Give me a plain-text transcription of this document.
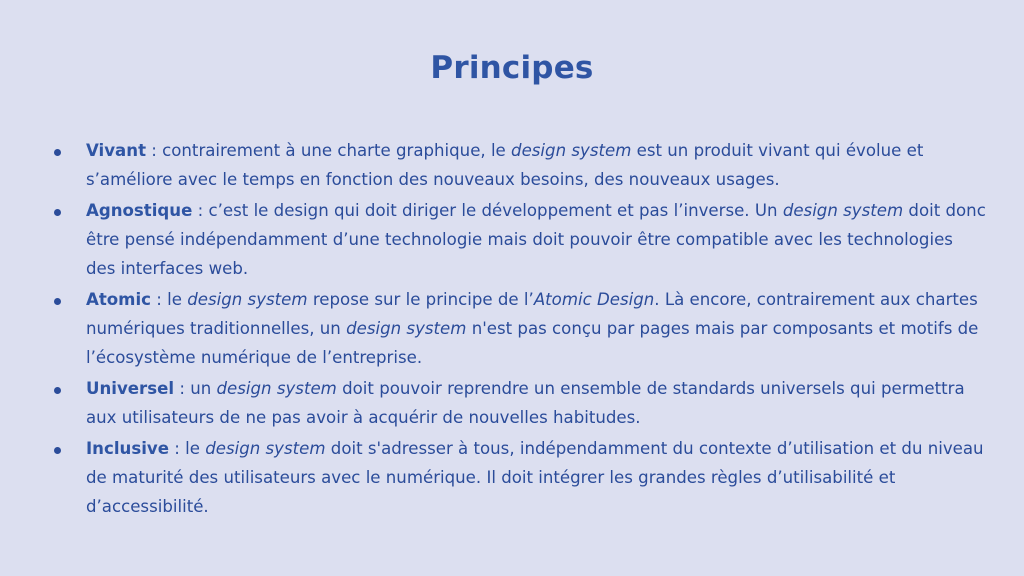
Principes
Vivant : contrairement à une charte graphique, le design system est un produit vivant qui évolue et s’améliore avec le temps en fonction des nouveaux besoins, des nouveaux usages.
Agnostique : c’est le design qui doit diriger le développement et pas l’inverse. Un design system doit donc être pensé indépendamment d’une technologie mais doit pouvoir être compatible avec les technologies des interfaces web.
Atomic : le design system repose sur le principe de l’Atomic Design. Là encore, contrairement aux chartes numériques traditionnelles, un design system n'est pas conçu par pages mais par composants et motifs de l’écosystème numérique de l’entreprise.
Universel : un design system doit pouvoir reprendre un ensemble de standards universels qui permettra aux utilisateurs de ne pas avoir à acquérir de nouvelles habitudes.
Inclusive : le design system doit s'adresser à tous, indépendamment du contexte d’utilisation et du niveau de maturité des utilisateurs avec le numérique. Il doit intégrer les grandes règles d’utilisabilité et d’accessibilité.
